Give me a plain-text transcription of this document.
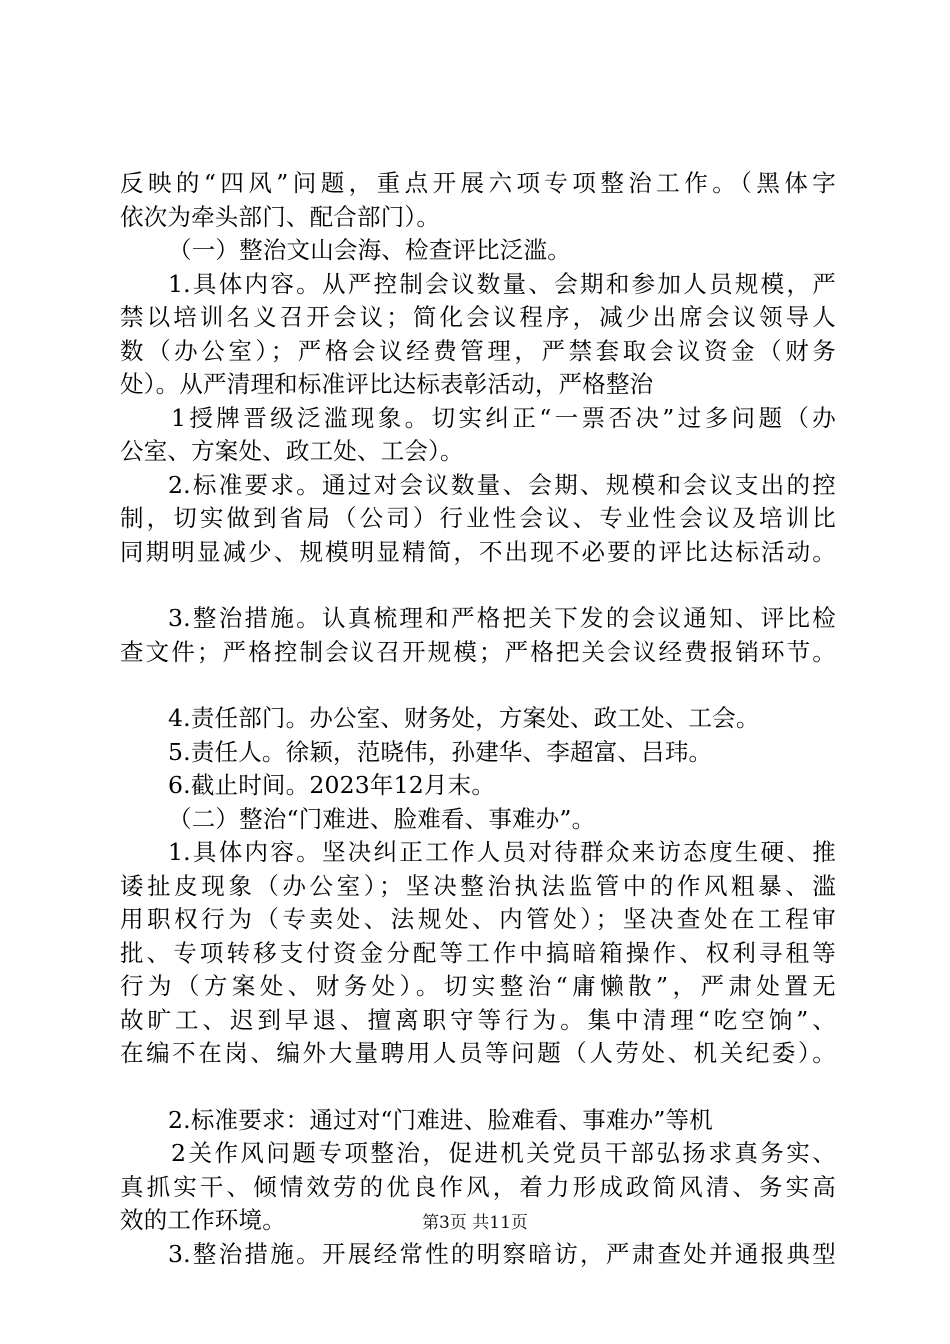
反映的“四风”问题，重点开展六项专项整治工作。（黑体字
依次为牵头部门、配合部门）。
（一）整治文山会海、检查评比泛滥。
1.具体内容。从严控制会议数量、会期和参加人员规模，严
禁以培训名义召开会议；简化会议程序，减少出席会议领导人
数（办公室）；严格会议经费管理，严禁套取会议资金（财务
处）。从严清理和标准评比达标表彰活动，严格整治
1授牌晋级泛滥现象。切实纠正“一票否决”过多问题（办
公室、方案处、政工处、工会）。
2.标准要求。通过对会议数量、会期、规模和会议支出的控
制，切实做到省局（公司）行业性会议、专业性会议及培训比
同期明显减少、规模明显精简，不出现不必要的评比达标活动。
3.整治措施。认真梳理和严格把关下发的会议通知、评比检
查文件；严格控制会议召开规模；严格把关会议经费报销环节。
4.责任部门。办公室、财务处，方案处、政工处、工会。
5.责任人。徐颖，范晓伟，孙建华、李超富、吕玮。
6.截止时间。2023年12月末。
（二）整治“门难进、脸难看、事难办”。
1.具体内容。坚决纠正工作人员对待群众来访态度生硬、推
诿扯皮现象（办公室）；坚决整治执法监管中的作风粗暴、滥
用职权行为（专卖处、法规处、内管处）；坚决查处在工程审
批、专项转移支付资金分配等工作中搞暗箱操作、权利寻租等
行为（方案处、财务处）。切实整治“庸懒散”，严肃处置无
故旷工、迟到早退、擅离职守等行为。集中清理“吃空饷”、
在编不在岗、编外大量聘用人员等问题（人劳处、机关纪委）。
2.标准要求：通过对“门难进、脸难看、事难办”等机
2关作风问题专项整治，促进机关党员干部弘扬求真务实、
真抓实干、倾情效劳的优良作风，着力形成政简风清、务实高
效的工作环境。
3.整治措施。开展经常性的明察暗访，严肃查处并通报典型
第3页 共11页
